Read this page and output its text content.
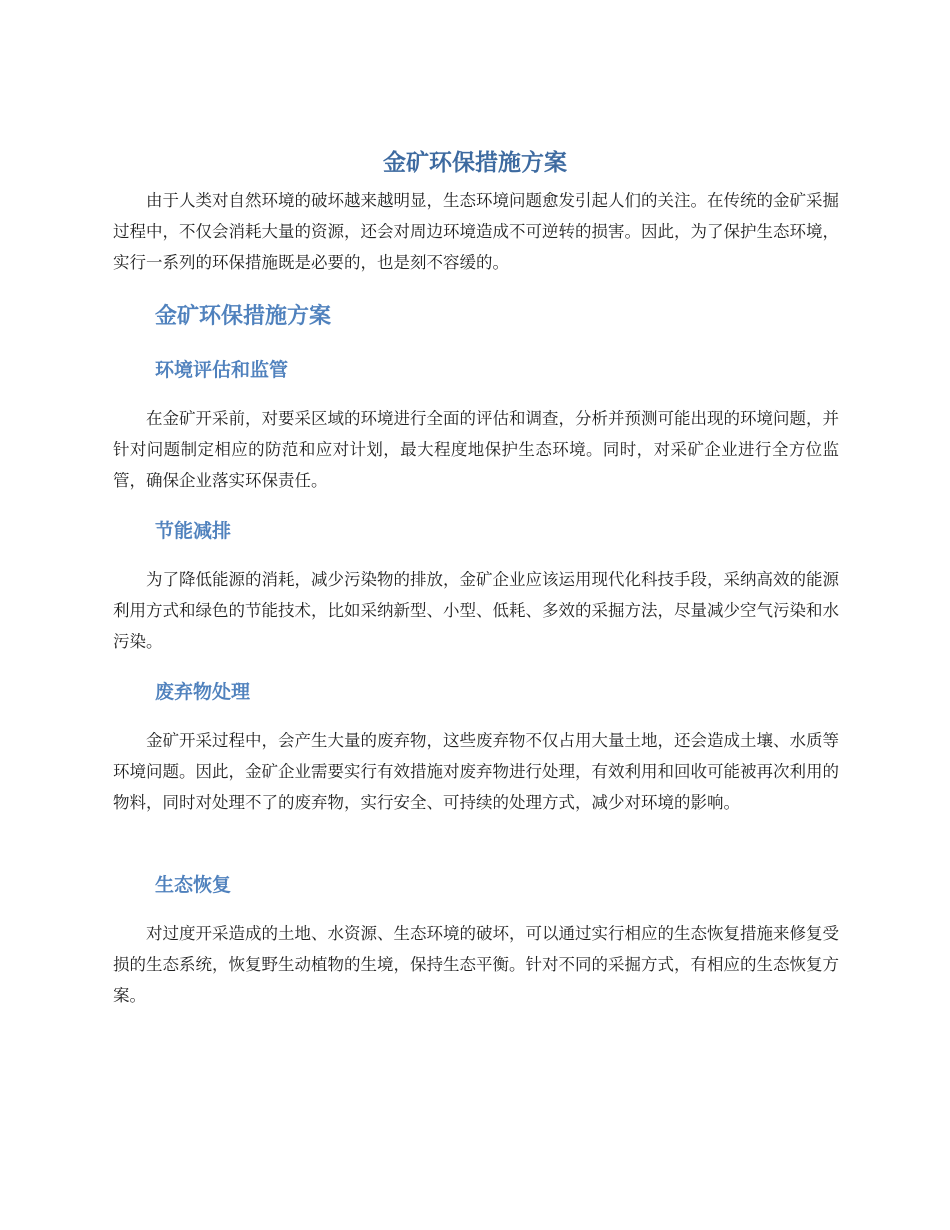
金矿环保措施方案

由于人类对自然环境的破坏越来越明显，生态环境问题愈发引起人们的关注。在传统的金矿采掘过程中，不仅会消耗大量的资源，还会对周边环境造成不可逆转的损害。因此，为了保护生态环境，实行一系列的环保措施既是必要的，也是刻不容缓的。

金矿环保措施方案
环境评估和监管

在金矿开采前，对要采区域的环境进行全面的评估和调查，分析并预测可能出现的环境问题，并针对问题制定相应的防范和应对计划，最大程度地保护生态环境。同时，对采矿企业进行全方位监管，确保企业落实环保责任。

节能减排

为了降低能源的消耗，减少污染物的排放，金矿企业应该运用现代化科技手段，采纳高效的能源利用方式和绿色的节能技术，比如采纳新型、小型、低耗、多效的采掘方法，尽量减少空气污染和水污染。

废弃物处理

金矿开采过程中，会产生大量的废弃物，这些废弃物不仅占用大量土地，还会造成土壤、水质等环境问题。因此，金矿企业需要实行有效措施对废弃物进行处理，有效利用和回收可能被再次利用的物料，同时对处理不了的废弃物，实行安全、可持续的处理方式，减少对环境的影响。

生态恢复

对过度开采造成的土地、水资源、生态环境的破坏，可以通过实行相应的生态恢复措施来修复受损的生态系统，恢复野生动植物的生境，保持生态平衡。针对不同的采掘方式，有相应的生态恢复方案。
